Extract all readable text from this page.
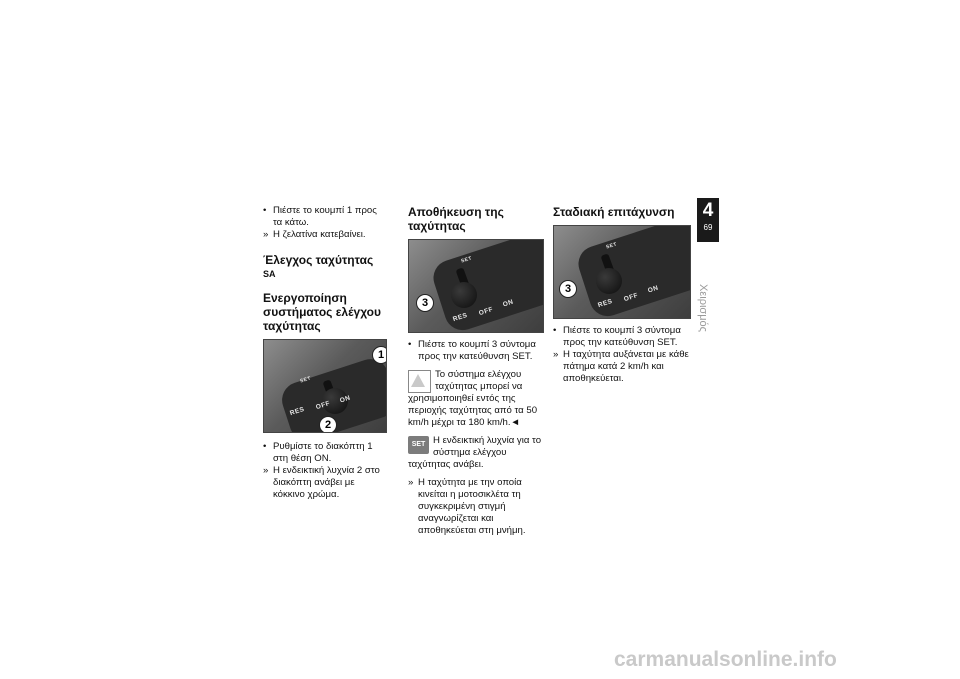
• Πιέστε το κουμπί 1 προς τα κάτω.
» Η ζελατίνα κατεβαίνει.
Έλεγχος ταχύτητας $^{SA}$
Ενεργοποίηση συστήματος ελέγχου ταχύτητας
RES
OFF
ON
SET
1
2
• Ρυθμίστε το διακόπτη 1 στη θέση ON.
» Η ενδεικτική λυχνία 2 στο διακόπτη ανάβει με κόκκινο χρώμα.
Αποθήκευση της ταχύτητας
RES
OFF
ON
SET
3
• Πιέστε το κουμπί 3 σύντομα προς την κατεύθυνση SET.
Το σύστημα ελέγχου ταχύτητας μπορεί να χρησιμοποιηθεί εντός της περιοχής ταχύτητας από τα 50 km/h μέχρι τα 180 km/h.◄
SET Η ενδεικτική λυχνία για το σύστημα ελέγχου ταχύτητας ανάβει.
» Η ταχύτητα με την οποία κινείται η μοτοσικλέτα τη συγκεκριμένη στιγμή αναγνωρίζεται και αποθηκεύεται στη μνήμη.
Σταδιακή επιτάχυνση
RES
OFF
ON
SET
3
• Πιέστε το κουμπί 3 σύντομα προς την κατεύθυνση SET.
» Η ταχύτητα αυξάνεται με κάθε πάτημα κατά 2 km/h και αποθηκεύεται.
4
69
Χειρισμός
carmanualsonline.info
